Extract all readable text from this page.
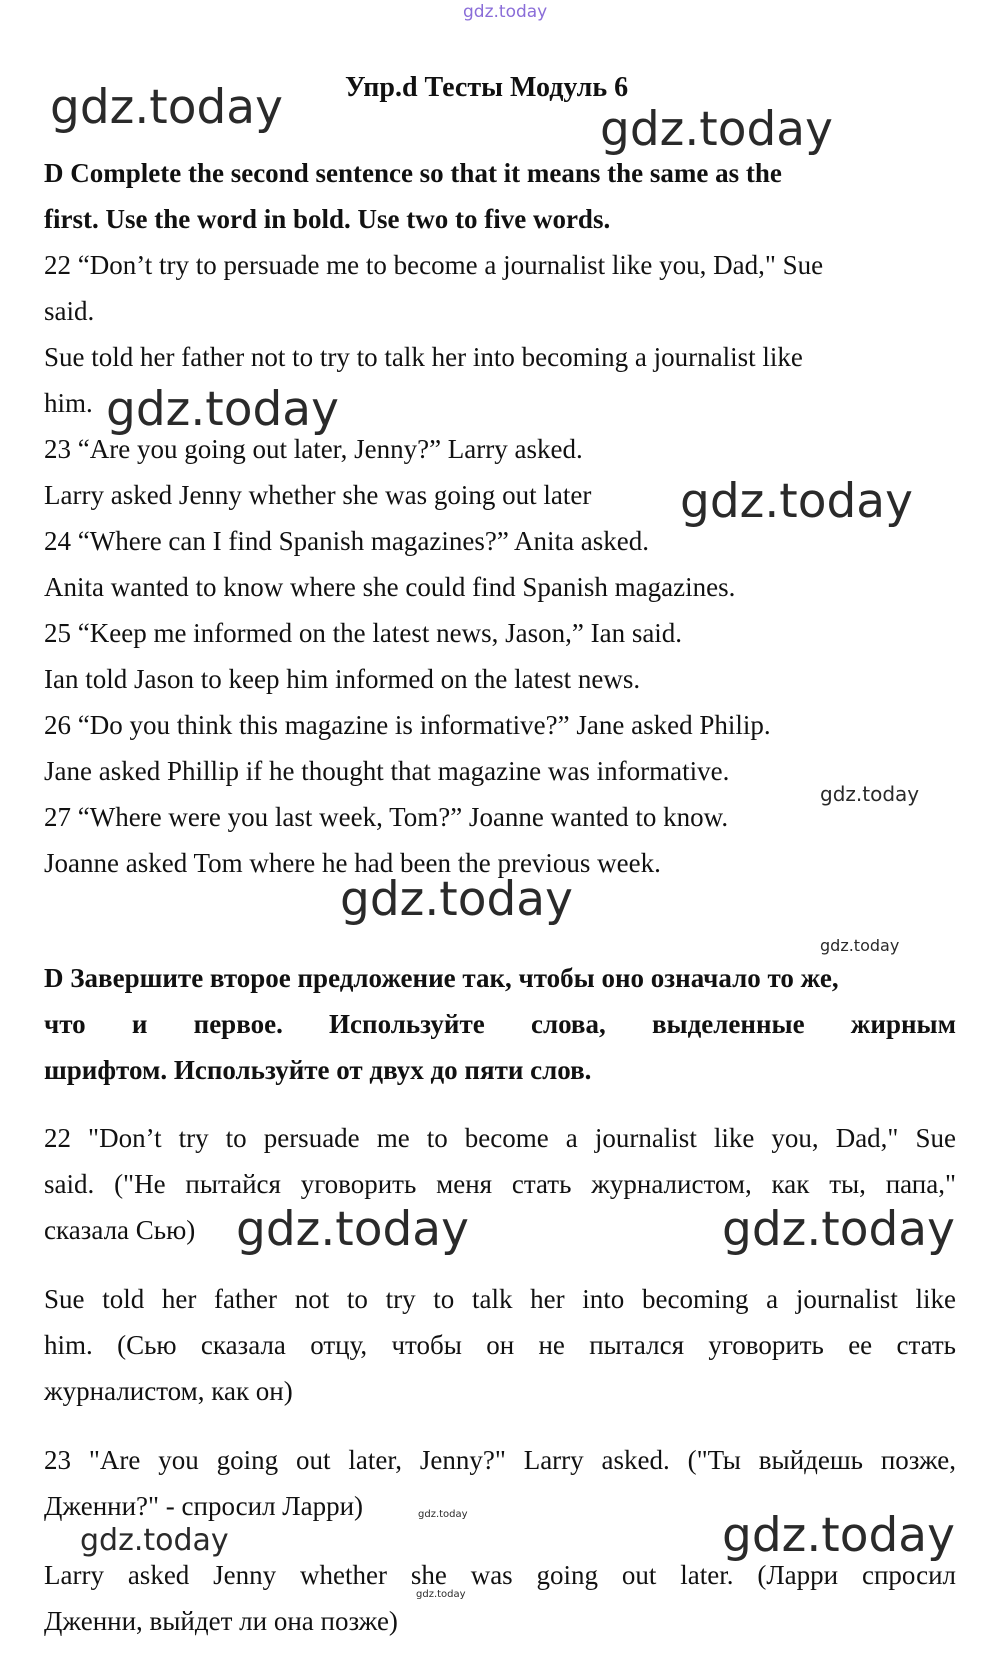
gdz.today
Упр.d Тесты Модуль 6
D Complete the second sentence so that it means the same as the
first. Use the word in bold. Use two to five words.
22 “Don’t try to persuade me to become a journalist like you, Dad," Sue
said.
Sue told her father not to try to talk her into becoming a journalist like
him.
23 “Are you going out later, Jenny?” Larry asked.
Larry asked Jenny whether she was going out later
24 “Where can I find Spanish magazines?” Anita asked.
Anita wanted to know where she could find Spanish magazines.
25 “Keep me informed on the latest news, Jason,” Ian said.
Ian told Jason to keep him informed on the latest news.
26 “Do you think this magazine is informative?” Jane asked Philip.
Jane asked Phillip if he thought that magazine was informative.
27 “Where were you last week, Tom?” Joanne wanted to know.
Joanne asked Tom where he had been the previous week.
D Завершите второе предложение так, чтобы оно означало то же,
что и первое. Используйте слова, выделенные жирным
шрифтом. Используйте от двух до пяти слов.
22 "Don’t try to persuade me to become a journalist like you, Dad," Sue
said. ("Не пытайся уговорить меня стать журналистом, как ты, папа,"
сказала Сью)
Sue told her father not to try to talk her into becoming a journalist like
him. (Сью сказала отцу, чтобы он не пытался уговорить ее стать
журналистом, как он)
23 "Are you going out later, Jenny?" Larry asked. ("Ты выйдешь позже,
Дженни?" - спросил Ларри)
Larry asked Jenny whether she was going out later. (Ларри спросил
Дженни, выйдет ли она позже)
gdz.today	gdz.today
gdz.today
gdz.today
gdz.today
gdz.today
gdz.today
gdz.today	gdz.today
gdz.today
gdz.today	gdz.today
gdz.today
